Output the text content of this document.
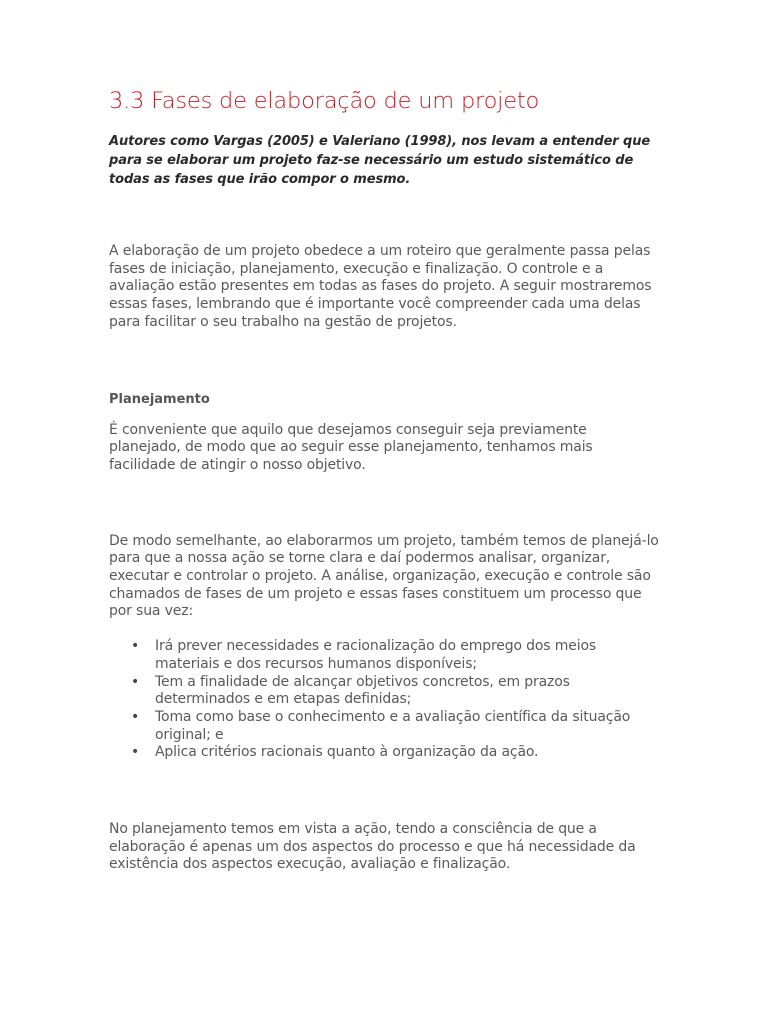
3.3 Fases de elaboração de um projeto

Autores como Vargas (2005) e Valeriano (1998), nos levam a entender que para se elaborar um projeto faz-se necessário um estudo sistemático de todas as fases que irão compor o mesmo.

A elaboração de um projeto obedece a um roteiro que geralmente passa pelas fases de iniciação, planejamento, execução e finalização. O controle e a avaliação estão presentes em todas as fases do projeto. A seguir mostraremos essas fases, lembrando que é importante você compreender cada uma delas para facilitar o seu trabalho na gestão de projetos.

Planejamento

É conveniente que aquilo que desejamos conseguir seja previamente planejado, de modo que ao seguir esse planejamento, tenhamos mais facilidade de atingir o nosso objetivo.

De modo semelhante, ao elaborarmos um projeto, também temos de planejá-lo para que a nossa ação se torne clara e daí podermos analisar, organizar, executar e controlar o projeto. A análise, organização, execução e controle são chamados de fases de um projeto e essas fases constituem um processo que por sua vez:

• Irá prever necessidades e racionalização do emprego dos meios materiais e dos recursos humanos disponíveis;
• Tem a finalidade de alcançar objetivos concretos, em prazos determinados e em etapas definidas;
• Toma como base o conhecimento e a avaliação científica da situação original; e
• Aplica critérios racionais quanto à organização da ação.

No planejamento temos em vista a ação, tendo a consciência de que a elaboração é apenas um dos aspectos do processo e que há necessidade da existência dos aspectos execução, avaliação e finalização.
